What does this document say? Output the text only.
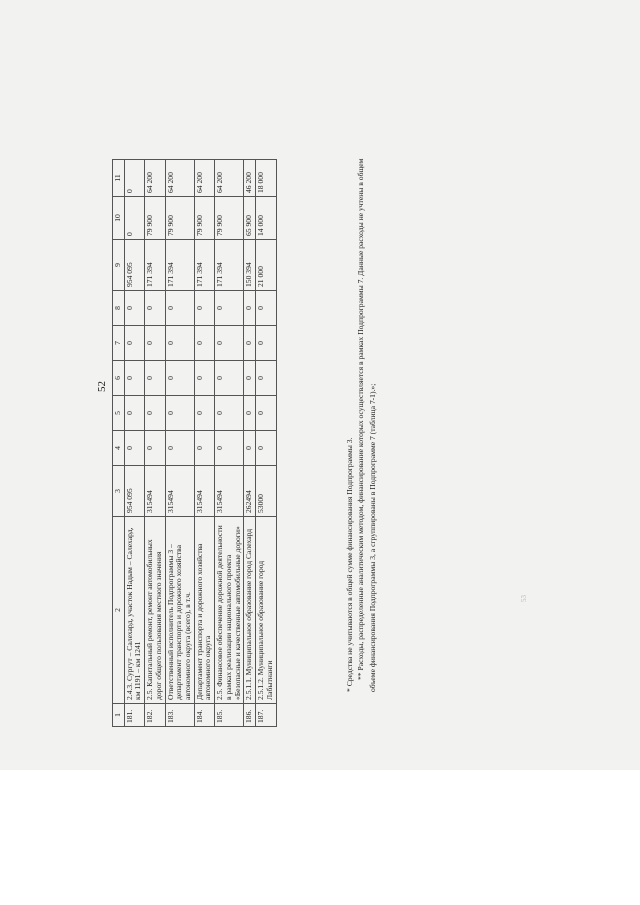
52
53
1	2	3	4	5	6	7	8	9	10	11
181.	2.4.3. Сургут – Салехард, участок Надым – Салехард, км 1191 – км 1241	954 095	0	0	0	0	0	954 095	0	0
182.	2.5. Капитальный ремонт, ремонт автомобильных дорог общего пользования местного значения	315494	0	0	0	0	0	171 394	79 900	64 200
183.	Ответственный исполнитель Подпрограммы 3 – департамент транспорта и дорожного хозяйства автономного округа (всего), в т.ч.	315494	0	0	0	0	0	171 394	79 900	64 200
184.	Департамент транспорта и дорожного хозяйства автономного округа	315494	0	0	0	0	0	171 394	79 900	64 200
185.	2.5. Финансовое обеспечение дорожной деятельности в рамках реализации национального проекта «Безопасные и качественные автомобильные дороги»	315494	0	0	0	0	0	171 394	79 900	64 200
186.	2.5.1.1. Муниципальное образование город Салехард	262494	0	0	0	0	0	150 394	65 900	46 200
187.	2.5.1.2. Муниципальное образование город Лабытнанги	53000	0	0	0	0	0	21 000	14 000	18 000

* Средства не учитываются в общей сумме финансирования Подпрограммы 3. ** Расходы, распределенные аналитическим методом, финансирование которых осуществляется в рамках Подпрограммы 7. Данные расходы не учтены в общем объеме финансирования Подпрограммы 3, а сгруппированы в Подпрограмме 7 (таблица 7-1).»;
